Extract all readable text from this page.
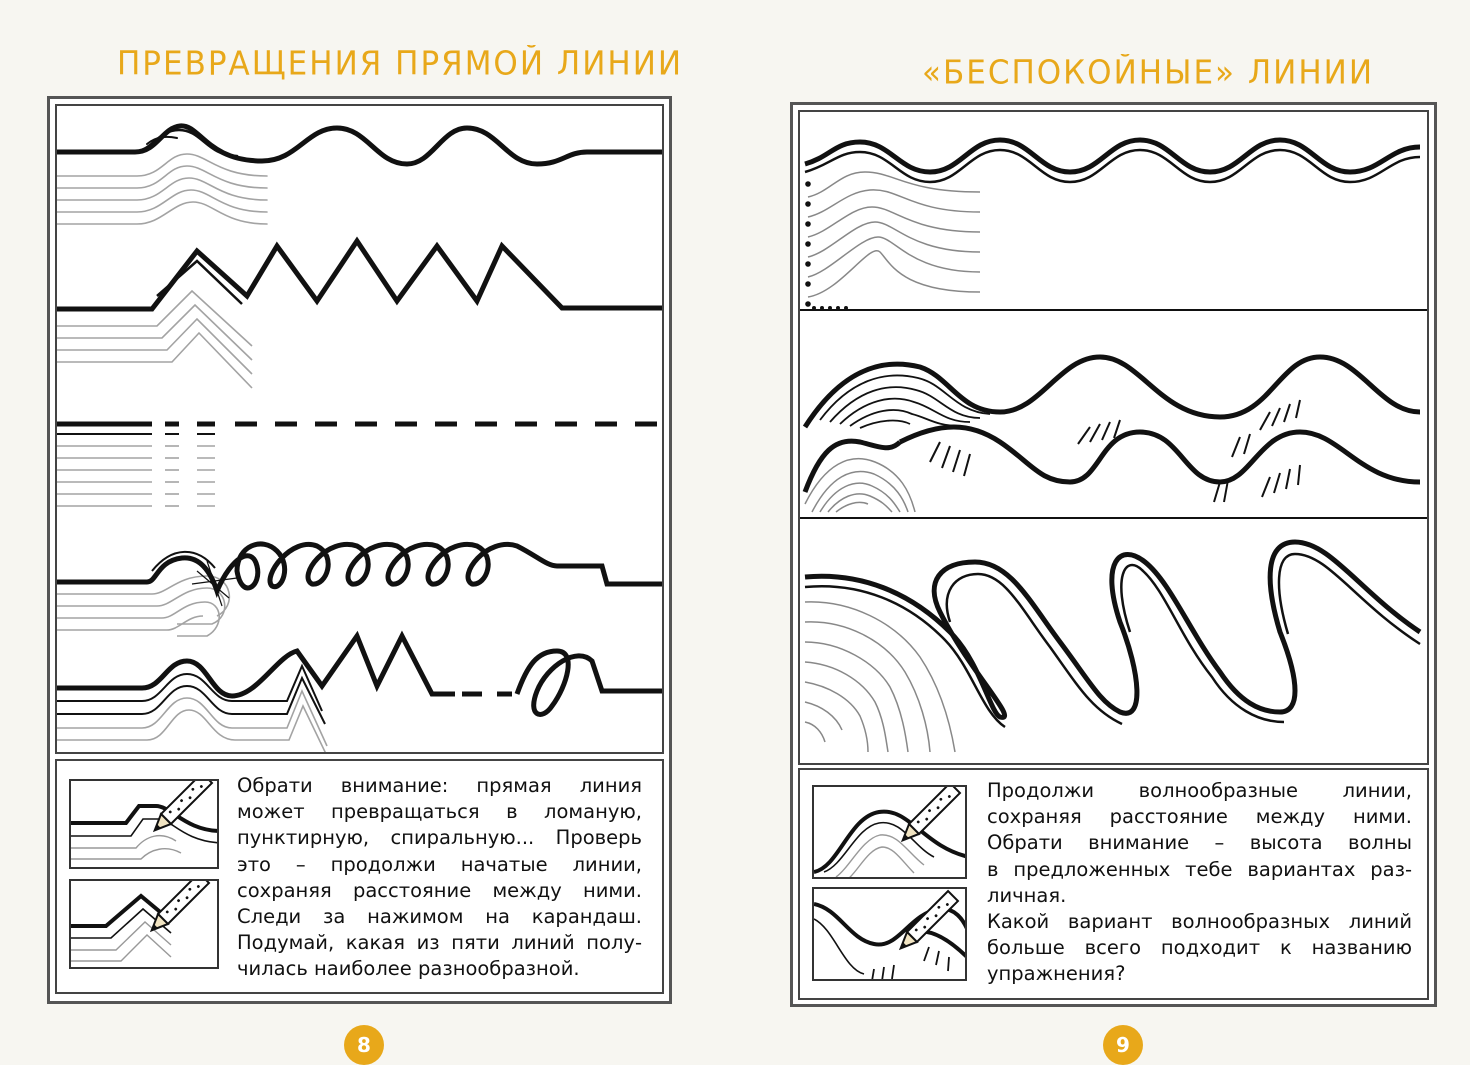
ПРЕВРАЩЕНИЯ ПРЯМОЙ ЛИНИИ
Обрати внимание: прямая линия
может превращаться в ломаную,
пунктирную, спиральную... Проверь
это – продолжи начатые линии,
сохраняя расстояние между ними.
Следи за нажимом на карандаш.
Подумай, какая из пяти линий полу-
чилась наиболее разнообразной.
«БЕСПОКОЙНЫЕ» ЛИНИИ
Продолжи волнообразные линии,
сохраняя расстояние между ними.
Обрати внимание – высота волны
в предложенных тебе вариантах раз-
личная.
Какой вариант волнообразных линий
больше всего подходит к названию
упражнения?
8	9
